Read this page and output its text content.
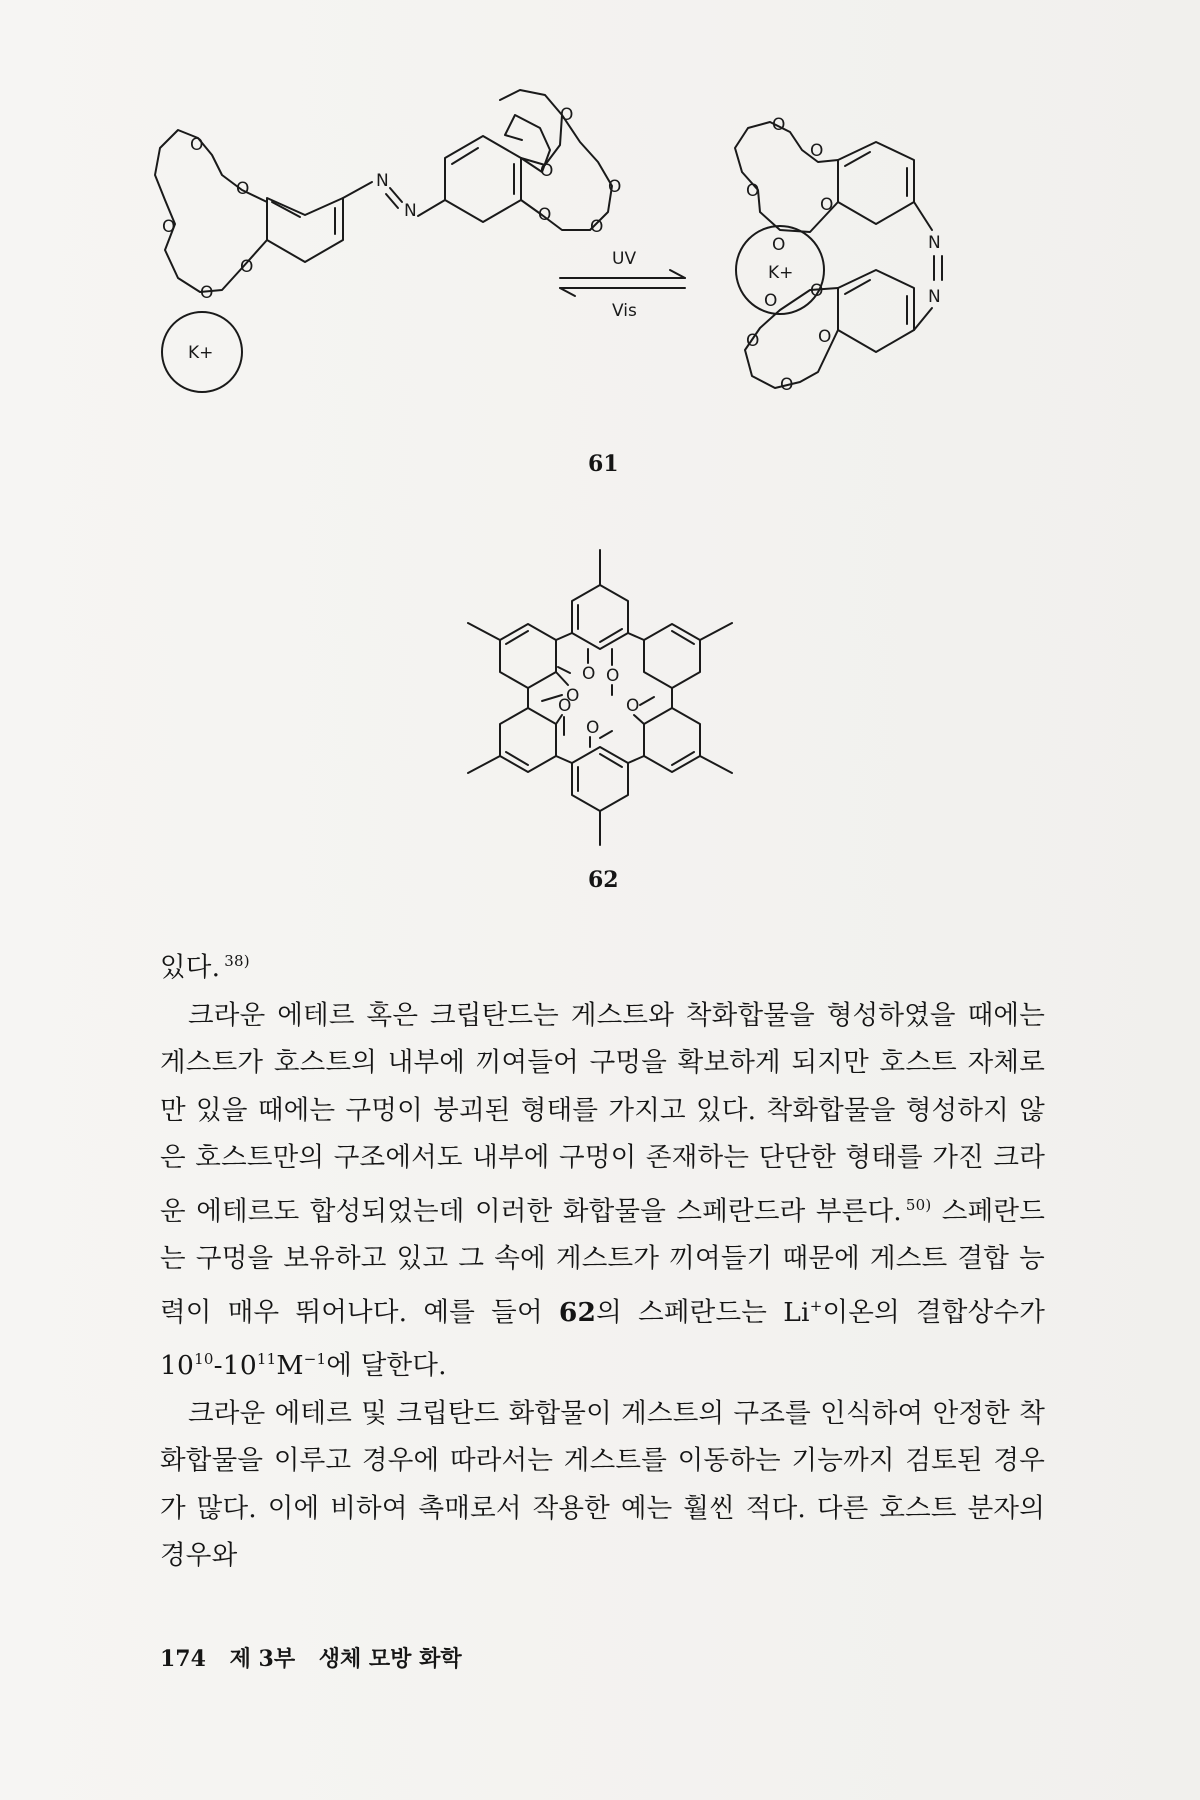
O
O
O
O
O
N
N
O
O
O
O
O
K+
UV
Vis
N
N
K+
O
O
O
O
O
O
O
O
O
O
61
O O
O	O
O
O
62

있다. $^{38)}$

크라운 에테르 혹은 크립탄드는 게스트와 착화합물을 형성하였을 때에는 게스트가 호스트의 내부에 끼여들어 구멍을 확보하게 되지만 호스트 자체로만 있을 때에는 구멍이 붕괴된 형태를 가지고 있다. 착화합물을 형성하지 않은 호스트만의 구조에서도 내부에 구멍이 존재하는 단단한 형태를 가진 크라운 에테르도 합성되었는데 이러한 화합물을 스페란드라 부른다. $^{50)}$ 스페란드는 구멍을 보유하고 있고 그 속에 게스트가 끼여들기 때문에 게스트 결합 능력이 매우 뛰어나다. 예를 들어 62의 스페란드는 Li+이온의 결합상수가 $10^{10}-10^{11}M^{-1}$에 달한다.

크라운 에테르 및 크립탄드 화합물이 게스트의 구조를 인식하여 안정한 착화합물을 이루고 경우에 따라서는 게스트를 이동하는 기능까지 검토된 경우가 많다. 이에 비하여 촉매로서 작용한 예는 훨씬 적다. 다른 호스트 분자의 경우와

174 제 3부 생체 모방 화학
